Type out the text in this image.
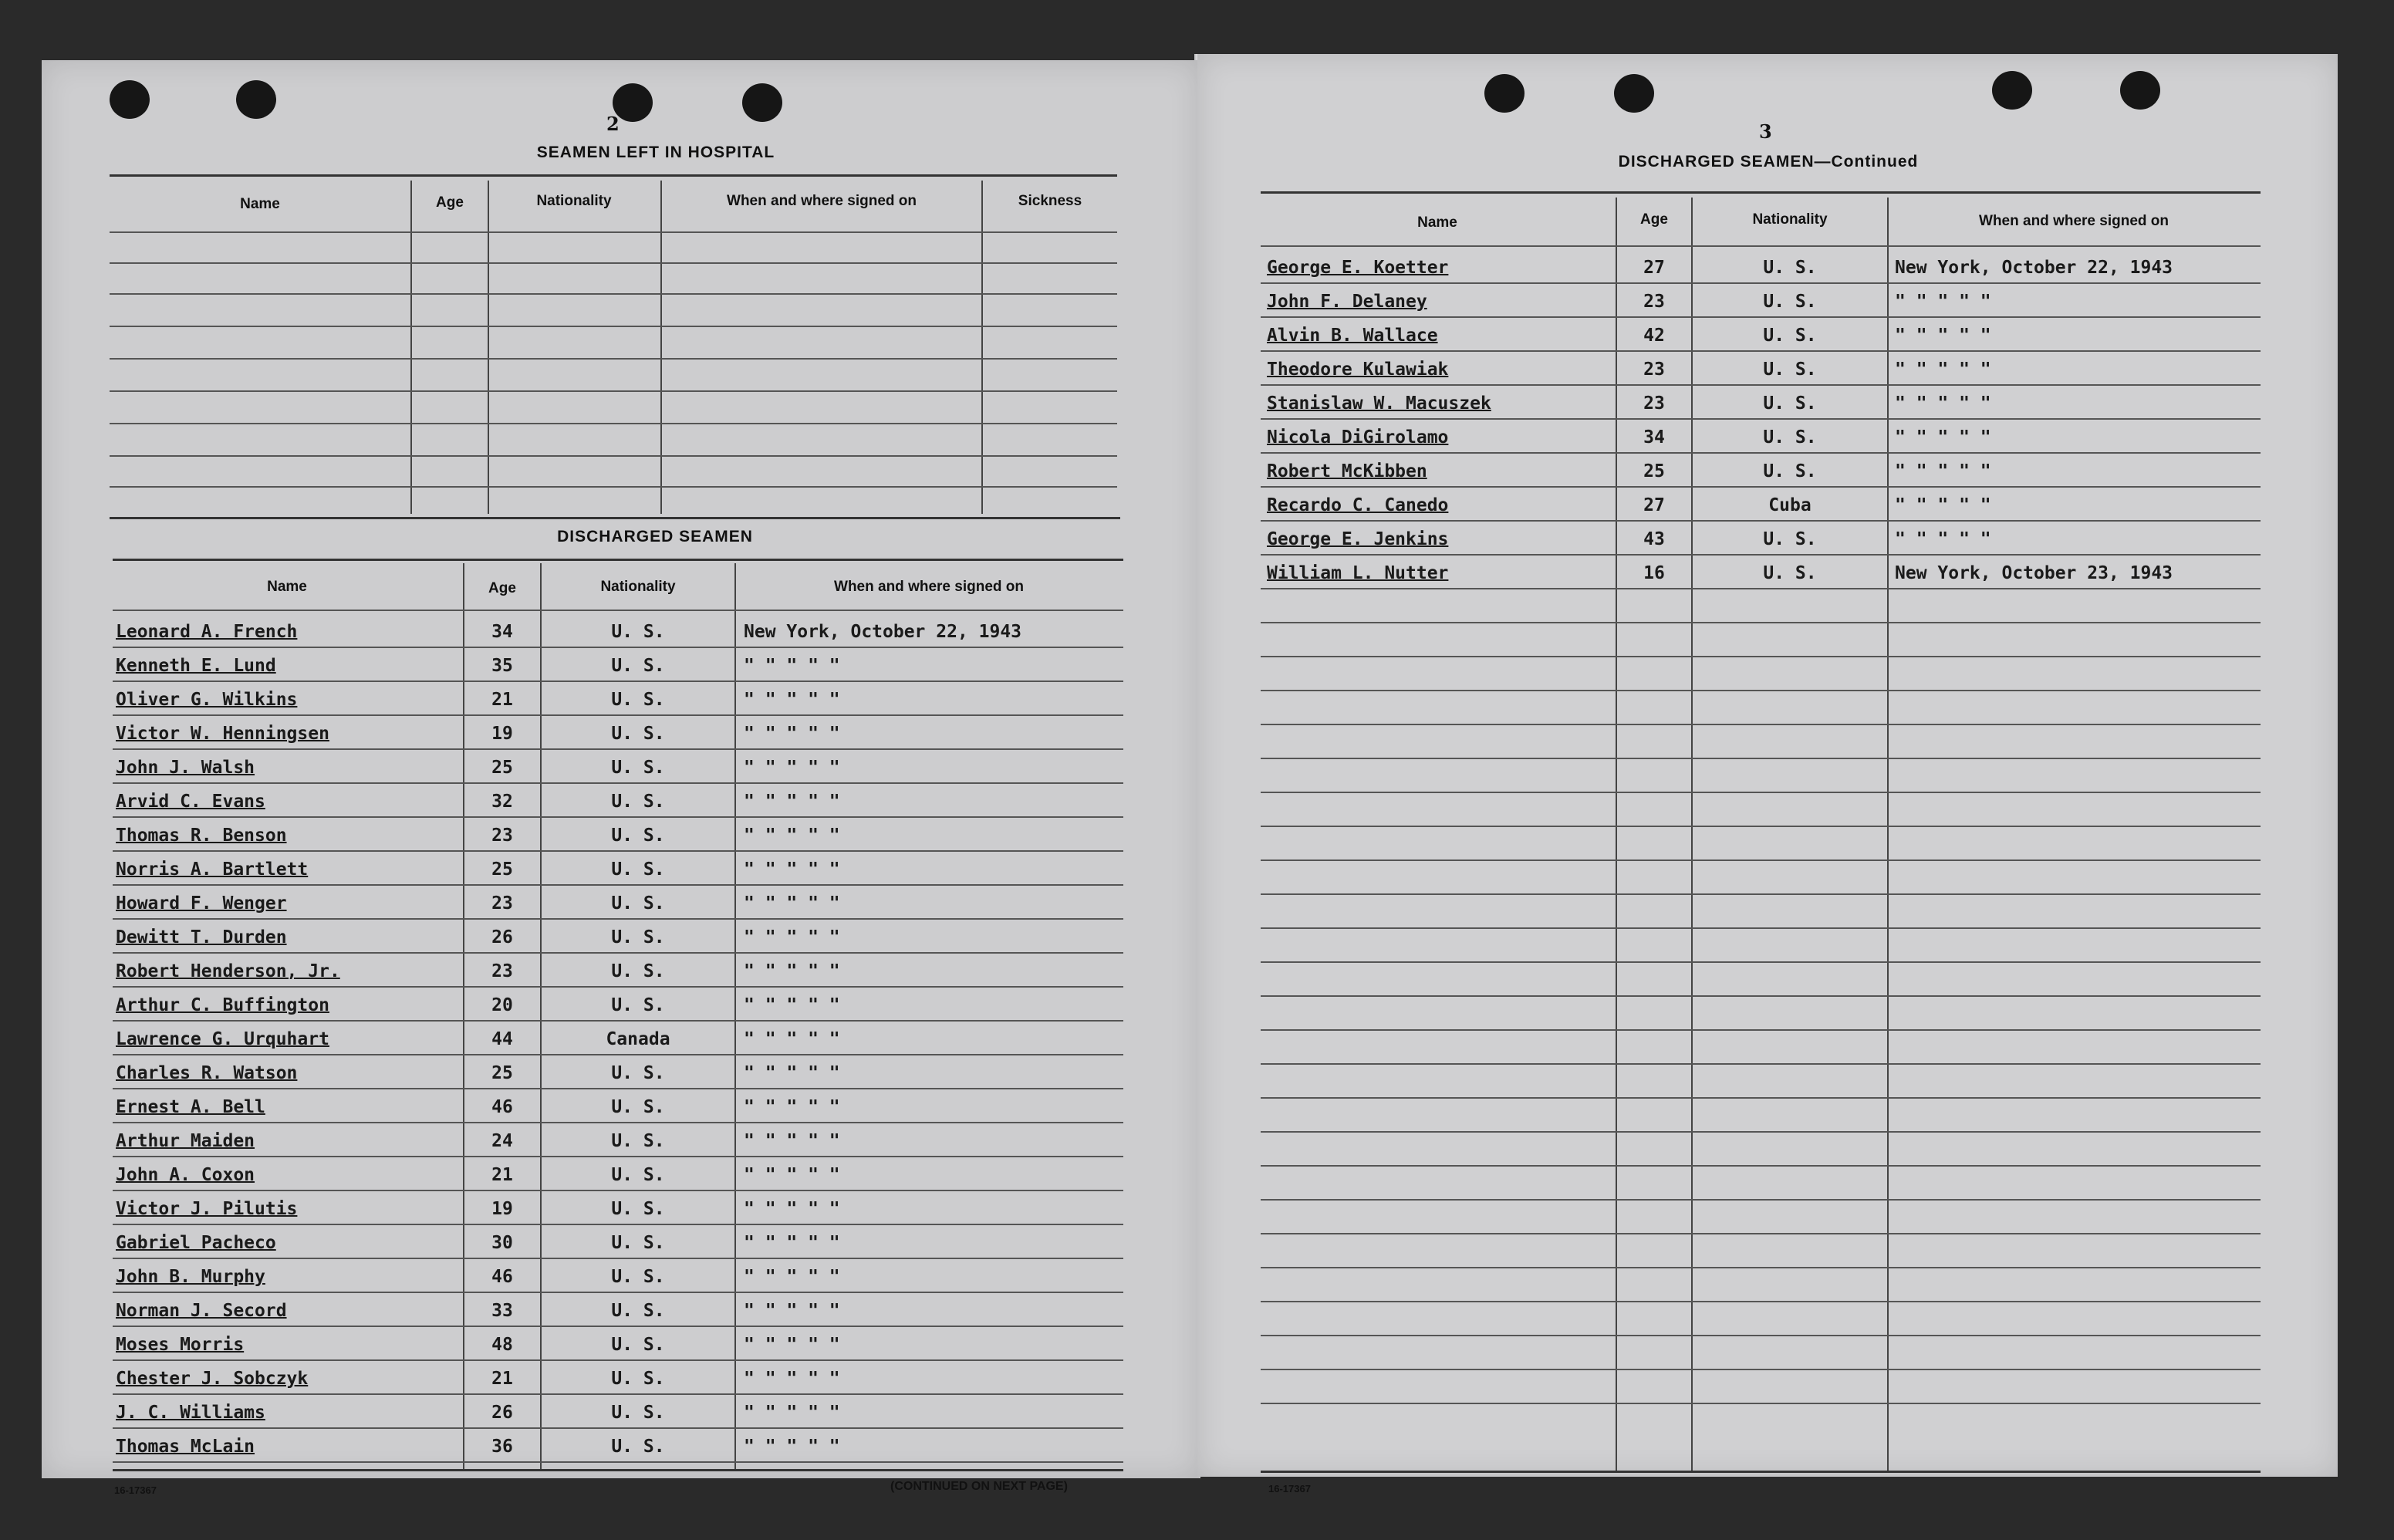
2
SEAMEN LEFT IN HOSPITAL
Name	Age	Nationality	When and where signed on	Sickness
DISCHARGED SEAMEN
Name	Age	Nationality	When and where signed on
Leonard A. French	34	U. S.	New York, October 22, 1943
Kenneth E. Lund	35	U. S.	" " " " "
Oliver G. Wilkins	21	U. S.	" " " " "
Victor W. Henningsen	19	U. S.	" " " " "
John J. Walsh	25	U. S.	" " " " "
Arvid C. Evans	32	U. S.	" " " " "
Thomas R. Benson	23	U. S.	" " " " "
Norris A. Bartlett	25	U. S.	" " " " "
Howard F. Wenger	23	U. S.	" " " " "
Dewitt T. Durden	26	U. S.	" " " " "
Robert Henderson, Jr.	23	U. S.	" " " " "
Arthur C. Buffington	20	U. S.	" " " " "
Lawrence G. Urquhart	44	Canada	" " " " "
Charles R. Watson	25	U. S.	" " " " "
Ernest A. Bell	46	U. S.	" " " " "
Arthur Maiden	24	U. S.	" " " " "
John A. Coxon	21	U. S.	" " " " "
Victor J. Pilutis	19	U. S.	" " " " "
Gabriel Pacheco	30	U. S.	" " " " "
John B. Murphy	46	U. S.	" " " " "
Norman J. Secord	33	U. S.	" " " " "
Moses Morris	48	U. S.	" " " " "
Chester J. Sobczyk	21	U. S.	" " " " "
J. C. Williams	26	U. S.	" " " " "
Thomas McLain	36	U. S.	" " " " "
16-17367	(CONTINUED ON NEXT PAGE)
3
DISCHARGED SEAMEN—Continued
Name	Age	Nationality	When and where signed on
George E. Koetter	27	U. S.	New York, October 22, 1943
John F. Delaney	23	U. S.	" " " " "
Alvin B. Wallace	42	U. S.	" " " " "
Theodore Kulawiak	23	U. S.	" " " " "
Stanislaw W. Macuszek	23	U. S.	" " " " "
Nicola DiGirolamo	34	U. S.	" " " " "
Robert McKibben	25	U. S.	" " " " "
Recardo C. Canedo	27	Cuba	" " " " "
George E. Jenkins	43	U. S.	" " " " "
William L. Nutter	16	U. S.	New York, October 23, 1943
16-17367
